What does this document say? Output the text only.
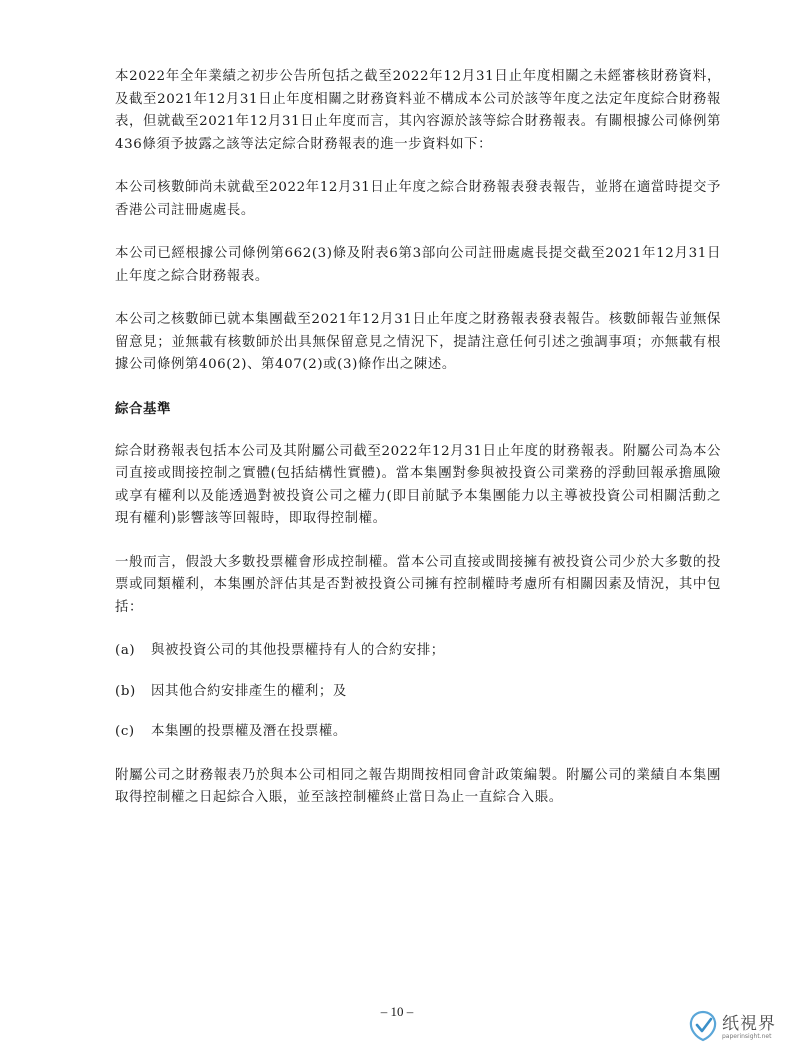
本2022年全年業績之初步公告所包括之截至2022年12月31日止年度相關之未經審核財務資料，及截至2021年12月31日止年度相關之財務資料並不構成本公司於該等年度之法定年度綜合財務報表，但就截至2021年12月31日止年度而言，其內容源於該等綜合財務報表。有關根據公司條例第436條須予披露之該等法定綜合財務報表的進一步資料如下：

本公司核數師尚未就截至2022年12月31日止年度之綜合財務報表發表報告，並將在適當時提交予香港公司註冊處處長。

本公司已經根據公司條例第662(3)條及附表6第3部向公司註冊處處長提交截至2021年12月31日止年度之綜合財務報表。

本公司之核數師已就本集團截至2021年12月31日止年度之財務報表發表報告。核數師報告並無保留意見；並無載有核數師於出具無保留意見之情況下，提請注意任何引述之強調事項；亦無載有根據公司條例第406(2)、第407(2)或(3)條作出之陳述。

綜合基準

綜合財務報表包括本公司及其附屬公司截至2022年12月31日止年度的財務報表。附屬公司為本公司直接或間接控制之實體(包括結構性實體)。當本集團對參與被投資公司業務的浮動回報承擔風險或享有權利以及能透過對被投資公司之權力(即目前賦予本集團能力以主導被投資公司相關活動之現有權利)影響該等回報時，即取得控制權。

一般而言，假設大多數投票權會形成控制權。當本公司直接或間接擁有被投資公司少於大多數的投票或同類權利，本集團於評估其是否對被投資公司擁有控制權時考慮所有相關因素及情況，其中包括：

(a)	與被投資公司的其他投票權持有人的合約安排；
(b)	因其他合約安排產生的權利；及
(c)	本集團的投票權及潛在投票權。

附屬公司之財務報表乃於與本公司相同之報告期間按相同會計政策編製。附屬公司的業績自本集團取得控制權之日起綜合入賬，並至該控制權終止當日為止一直綜合入賬。

– 10 –
纸視界
paperinsight.net
